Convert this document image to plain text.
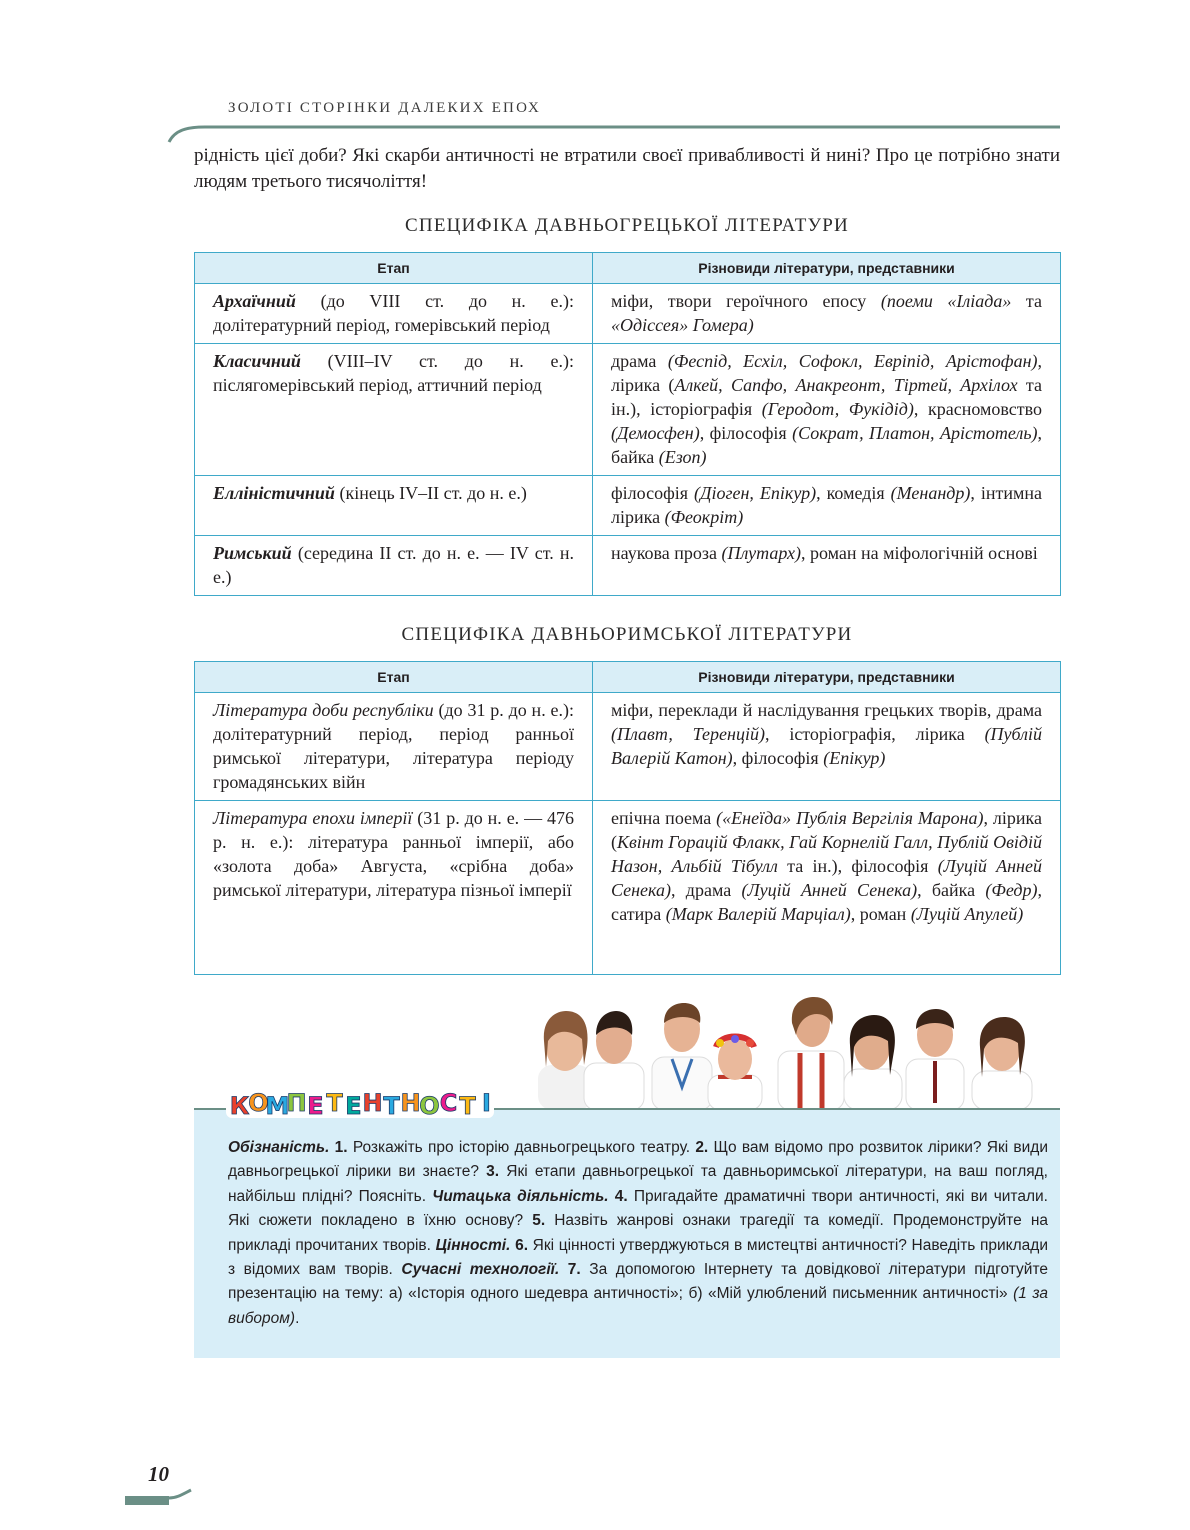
ЗОЛОТІ СТОРІНКИ ДАЛЕКИХ ЕПОХ
рідність цієї доби? Які скарби античності не втратили своєї привабливості й нині? Про це потрібно знати людям третього тисячоліття!
СПЕЦИФІКА ДАВНЬОГРЕЦЬКОЇ ЛІТЕРАТУРИ
Етап	Різновиди літератури, представники
Архаїчний (до VIII ст. до н. е.): долітературний період, гомерівський період	міфи, твори героїчного епосу (поеми «Іліада» та «Одіссея» Гомера)
Класичний (VIII–IV ст. до н. е.): післягомерівський період, аттичний період	драма (Феспід, Есхіл, Софокл, Евріпід, Арістофан), лірика (Алкей, Сапфо, Анакреонт, Тіртей, Архілох та ін.), історіографія (Геродот, Фукідід), красномовство (Демосфен), філософія (Сократ, Платон, Арістотель), байка (Езоп)
Елліністичний (кінець IV–II ст. до н. е.)	філософія (Діоген, Епікур), комедія (Менандр), інтимна лірика (Феокріт)
Римський (середина II ст. до н. е. — IV ст. н. е.)	наукова проза (Плутарх), роман на міфологічній основі
СПЕЦИФІКА ДАВНЬОРИМСЬКОЇ ЛІТЕРАТУРИ
Етап	Різновиди літератури, представники
Література доби республіки (до 31 р. до н. е.): долітературний період, період ранньої римської літератури, література періоду громадянських війн	міфи, переклади й наслідування грецьких творів, драма (Плавт, Теренцій), історіографія, лірика (Публій Валерій Катон), філософія (Епікур)
Література епохи імперії (31 р. до н. е. — 476 р. н. е.): література ранньої імперії, або «золота доба» Августа, «срібна доба» римської літератури, література пізньої імперії	епічна поема («Енеїда» Публія Вергілія Марона), лірика (Квінт Горацій Флакк, Гай Корнелій Галл, Публій Овідій Назон, Альбій Тібулл та ін.), філософія (Луцій Анней Сенека), драма (Луцій Анней Сенека), байка (Федр), сатира (Марк Валерій Марціал), роман (Луцій Апулей)
К
О
М
П Е Т Е Н Т Н
О С Т І
Обізнаність. 1. Розкажіть про історію давньогрецького театру. 2. Що вам відомо про розвиток лірики? Які види давньогрецької лірики ви знаєте? 3. Які етапи давньогрецької та давньоримської літератури, на ваш погляд, найбільш плідні? Поясніть. Читацька діяльність. 4. Пригадайте драматичні твори античності, які ви читали. Які сюжети покладено в їхню основу? 5. Назвіть жанрові ознаки трагедії та комедії. Продемонструйте на прикладі прочитаних творів. Цінності. 6. Які цінності утверджуються в мистецтві античності? Наведіть приклади з відомих вам творів. Сучасні технології. 7. За допомогою Інтернету та довідкової літератури підготуйте презентацію на тему: а) «Історія одного шедевра античності»; б) «Мій улюблений письменник античності» (1 за вибором).
10
